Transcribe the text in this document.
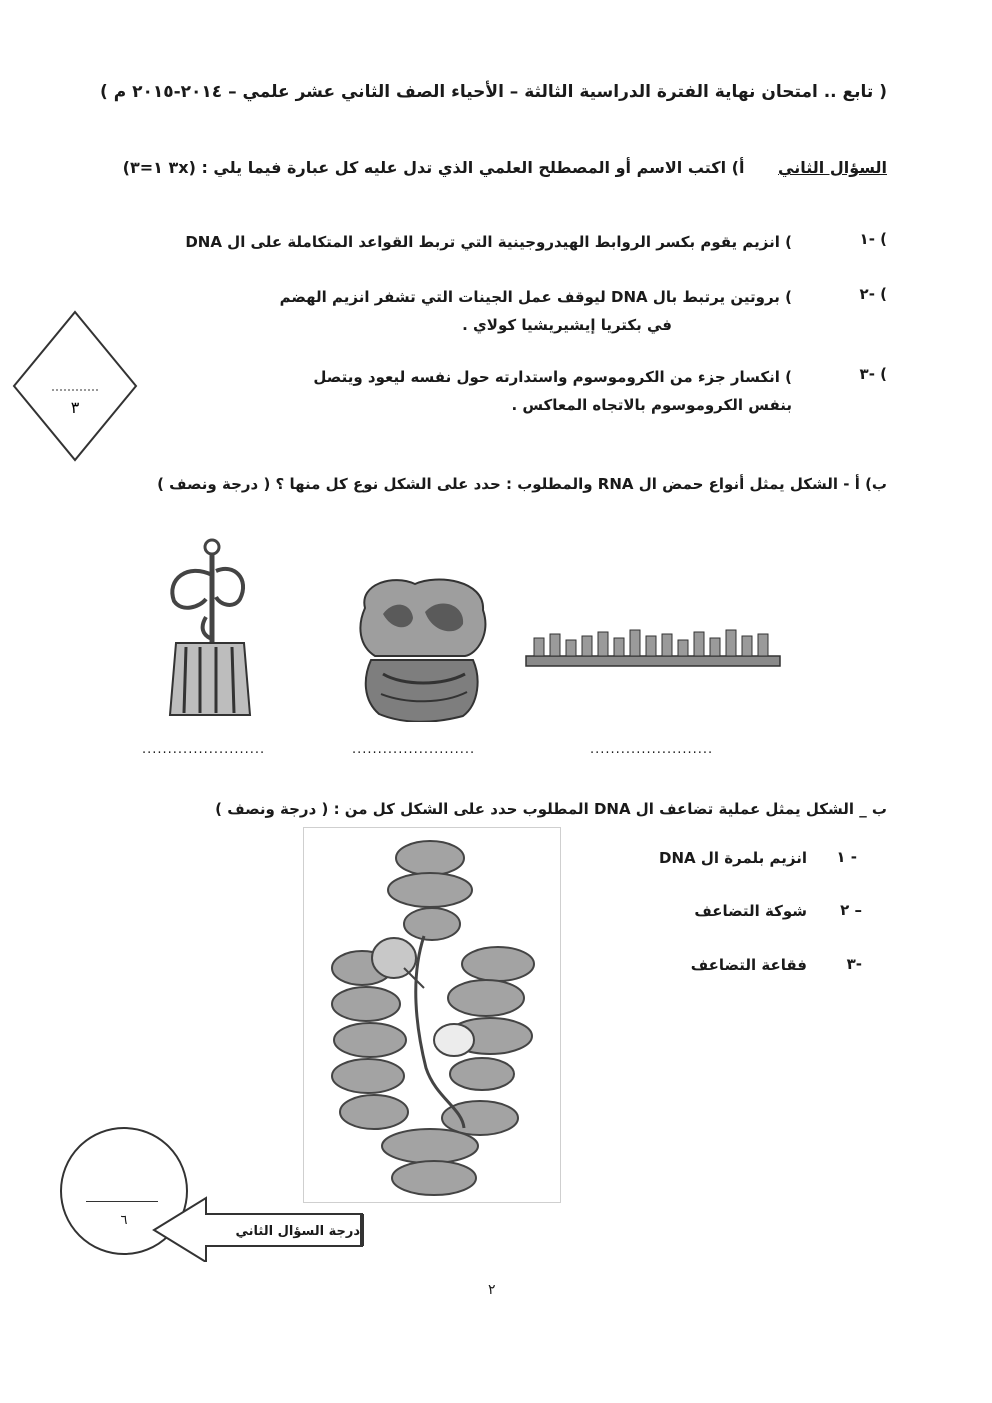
( تابع .. امتحان نهاية الفترة الدراسية الثالثة – الأحياء الصف الثاني عشر علمي – ٢٠١٤-٢٠١٥ م )
السؤال الثاني أ) اكتب الاسم أو المصطلح العلمي الذي تدل عليه كل عبارة فيما يلي : (٣x ١=٣)
١- (
) انزيم يقوم بكسر الروابط الهيدروجينية التي تربط القواعد المتكاملة على ال DNA
٢- (
) بروتين يرتبط بال DNA ليوقف عمل الجينات التي تشفر انزيم الهضم
في بكتريا إيشيريشيا كولاي .
٣- (
) انكسار جزء من الكروموسوم واستدارته حول نفسه ليعود ويتصل
بنفس الكروموسوم بالاتجاه المعاكس .
٣
ب) أ - الشكل يمثل أنواع حمض ال RNA والمطلوب : حدد على الشكل نوع كل منها ؟ ( درجة ونصف )
........................	........................	........................
ب _ الشكل يمثل عملية تضاعف ال DNA المطلوب حدد على الشكل كل من : ( درجة ونصف )
١ -
انزيم بلمرة ال DNA
٢ –
شوكة التضاعف
٣-
فقاعة التضاعف
٦
درجة السؤال الثاني
٢
